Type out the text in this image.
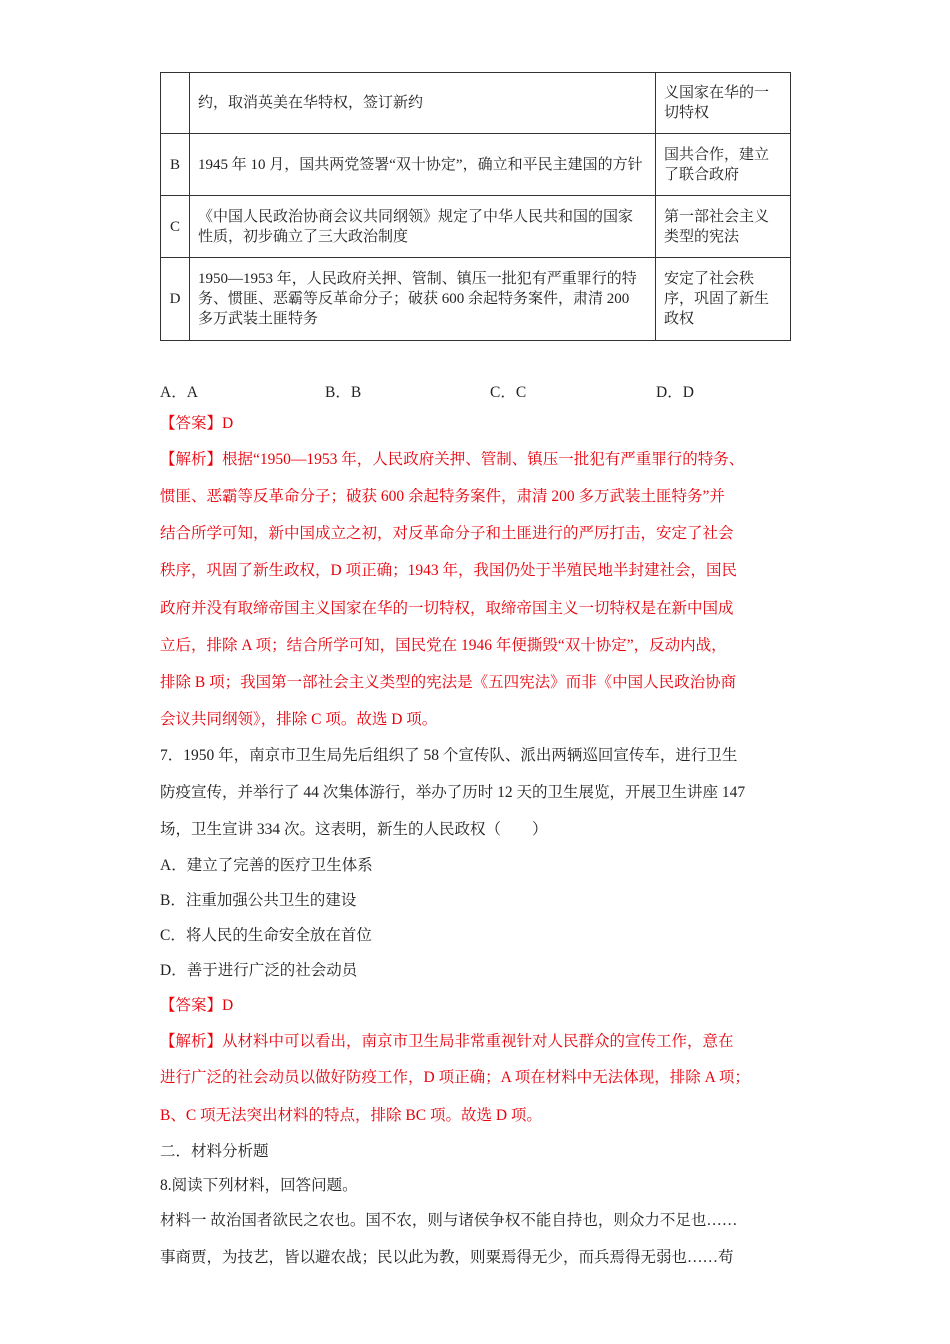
	约，取消英美在华特权，签订新约	义国家在华的一切特权
B	1945 年 10 月，国共两党签署“双十协定”，确立和平民主建国的方针	国共合作，建立了联合政府
C	《中国人民政治协商会议共同纲领》规定了中华人民共和国的国家性质，初步确立了三大政治制度	第一部社会主义类型的宪法
D	1950—1953 年，人民政府关押、管制、镇压一批犯有严重罪行的特务、惯匪、恶霸等反革命分子；破获 600 余起特务案件，肃清 200 多万武装土匪特务	安定了社会秩序，巩固了新生政权
A．A	B．B	C．C	D．D
【答案】D
【解析】根据“1950—1953 年，人民政府关押、管制、镇压一批犯有严重罪行的特务、
惯匪、恶霸等反革命分子；破获 600 余起特务案件，肃清 200 多万武装土匪特务”并
结合所学可知，新中国成立之初，对反革命分子和土匪进行的严厉打击，安定了社会
秩序，巩固了新生政权，D 项正确；1943 年，我国仍处于半殖民地半封建社会，国民
政府并没有取缔帝国主义国家在华的一切特权，取缔帝国主义一切特权是在新中国成
立后，排除 A 项；结合所学可知，国民党在 1946 年便撕毁“双十协定”，反动内战，
排除 B 项；我国第一部社会主义类型的宪法是《五四宪法》而非《中国人民政治协商
会议共同纲领》，排除 C 项。故选 D 项。
7．1950 年，南京市卫生局先后组织了 58 个宣传队、派出两辆巡回宣传车，进行卫生
防疫宣传，并举行了 44 次集体游行，举办了历时 12 天的卫生展览，开展卫生讲座 147
场，卫生宣讲 334 次。这表明，新生的人民政权（　　）
A．建立了完善的医疗卫生体系
B．注重加强公共卫生的建设
C．将人民的生命安全放在首位
D．善于进行广泛的社会动员
【答案】D
【解析】从材料中可以看出，南京市卫生局非常重视针对人民群众的宣传工作，意在
进行广泛的社会动员以做好防疫工作，D 项正确；A 项在材料中无法体现，排除 A 项；
B、C 项无法突出材料的特点，排除 BC 项。故选 D 项。
二．材料分析题
8.阅读下列材料，回答问题。
材料一 故治国者欲民之农也。国不农，则与诸侯争权不能自持也，则众力不足也……
事商贾，为技艺，皆以避农战；民以此为教，则粟焉得无少，而兵焉得无弱也……苟
